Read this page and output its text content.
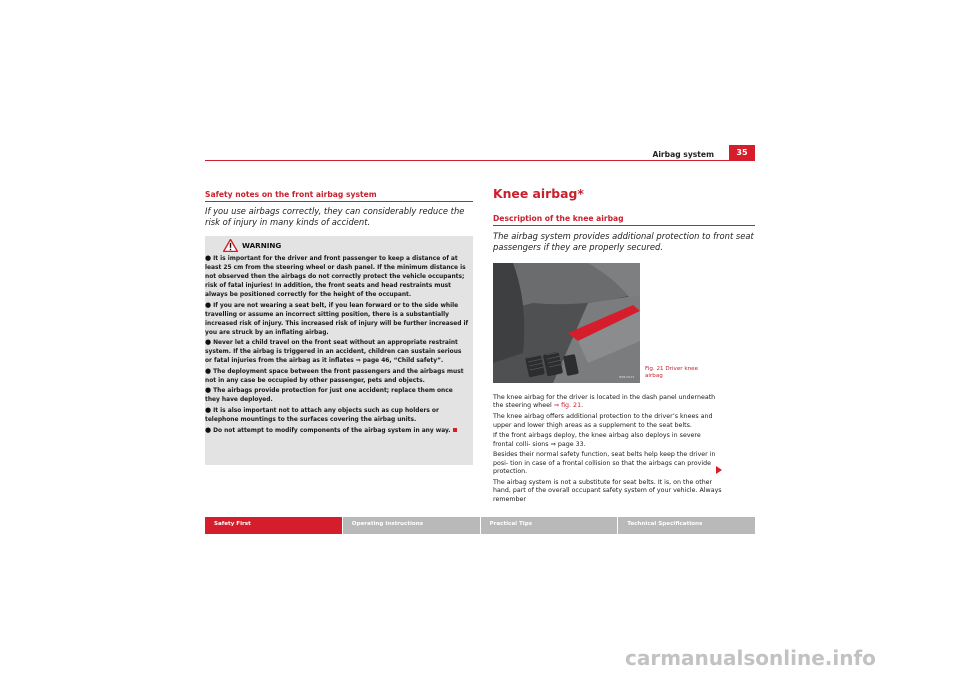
Airbag system	35
Safety notes on the front airbag system
If you use airbags correctly, they can considerably reduce the risk of injury in many kinds of accident.
WARNING
● It is important for the driver and front passenger to keep a distance of at least 25 cm from the steering wheel or dash panel. If the minimum distance is not observed then the airbags do not correctly protect the vehicle occupants; risk of fatal injuries! In addition, the front seats and head restraints must always be positioned correctly for the height of the occupant.
● If you are not wearing a seat belt, if you lean forward or to the side while travelling or assume an incorrect sitting position, there is a substantially increased risk of injury. This increased risk of injury will be further increased if you are struck by an inflating airbag.
● Never let a child travel on the front seat without an appropriate restraint system. If the airbag is triggered in an accident, children can sustain serious or fatal injuries from the airbag as it inflates ⇒ page 46, “Child safety”.
● The deployment space between the front passengers and the airbags must not in any case be occupied by other passenger, pets and objects.
● The airbags provide protection for just one accident; replace them once they have deployed.
● It is also important not to attach any objects such as cup holders or telephone mountings to the surfaces covering the airbag units.
● Do not attempt to modify components of the airbag system in any way.
Knee airbag*
Description of the knee airbag
The airbag system provides additional protection to front seat passengers if they are properly secured.
B5B-0033
Fig. 21 Driver knee airbag

The knee airbag for the driver is located in the dash panel underneath the steering wheel ⇒ fig. 21.

The knee airbag offers additional protection to the driver’s knees and upper and lower thigh areas as a supplement to the seat belts.

If the front airbags deploy, the knee airbag also deploys in severe frontal colli- sions ⇒ page 33.

Besides their normal safety function, seat belts help keep the driver in posi- tion in case of a frontal collision so that the airbags can provide protection.

The airbag system is not a substitute for seat belts. It is, on the other hand, part of the overall occupant safety system of your vehicle. Always remember

Safety First	Operating instructions	Practical Tips	Technical Specifications
carmanualsonline.info
